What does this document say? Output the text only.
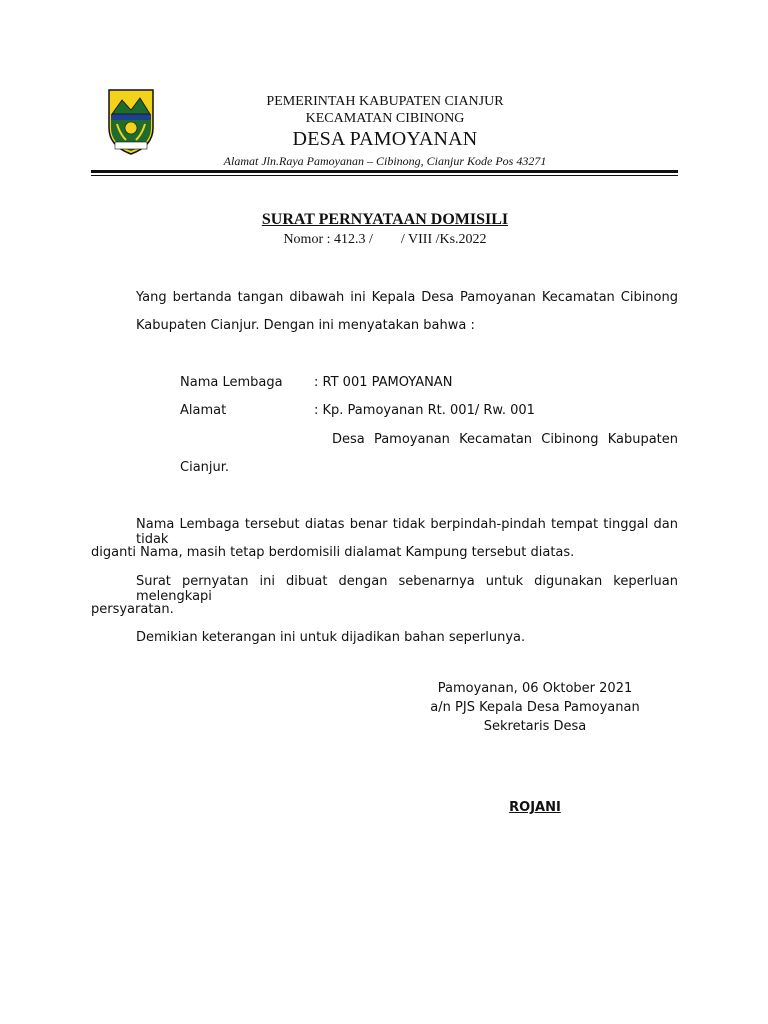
PEMERINTAH KABUPATEN CIANJUR
KECAMATAN CIBINONG
DESA PAMOYANAN
Alamat Jln.Raya Pamoyanan – Cibinong, Cianjur Kode Pos 43271
SURAT PERNYATAAN DOMISILI
Nomor : 412.3 /        / VIII /Ks.2022
Yang bertanda tangan dibawah ini Kepala Desa Pamoyanan Kecamatan Cibinong
Kabupaten Cianjur. Dengan ini menyatakan bahwa :
Nama Lembaga : RT 001 PAMOYANAN
Alamat	: Kp. Pamoyanan Rt. 001/ Rw. 001
Desa Pamoyanan Kecamatan Cibinong Kabupaten
Cianjur.
Nama Lembaga tersebut diatas benar tidak berpindah-pindah tempat tinggal dan tidak
diganti Nama, masih tetap berdomisili dialamat Kampung tersebut diatas.
Surat pernyatan ini dibuat dengan sebenarnya untuk digunakan keperluan melengkapi
persyaratan.
Demikian keterangan ini untuk dijadikan bahan seperlunya.
Pamoyanan, 06 Oktober 2021
a/n PJS Kepala Desa Pamoyanan
Sekretaris Desa
ROJANI
